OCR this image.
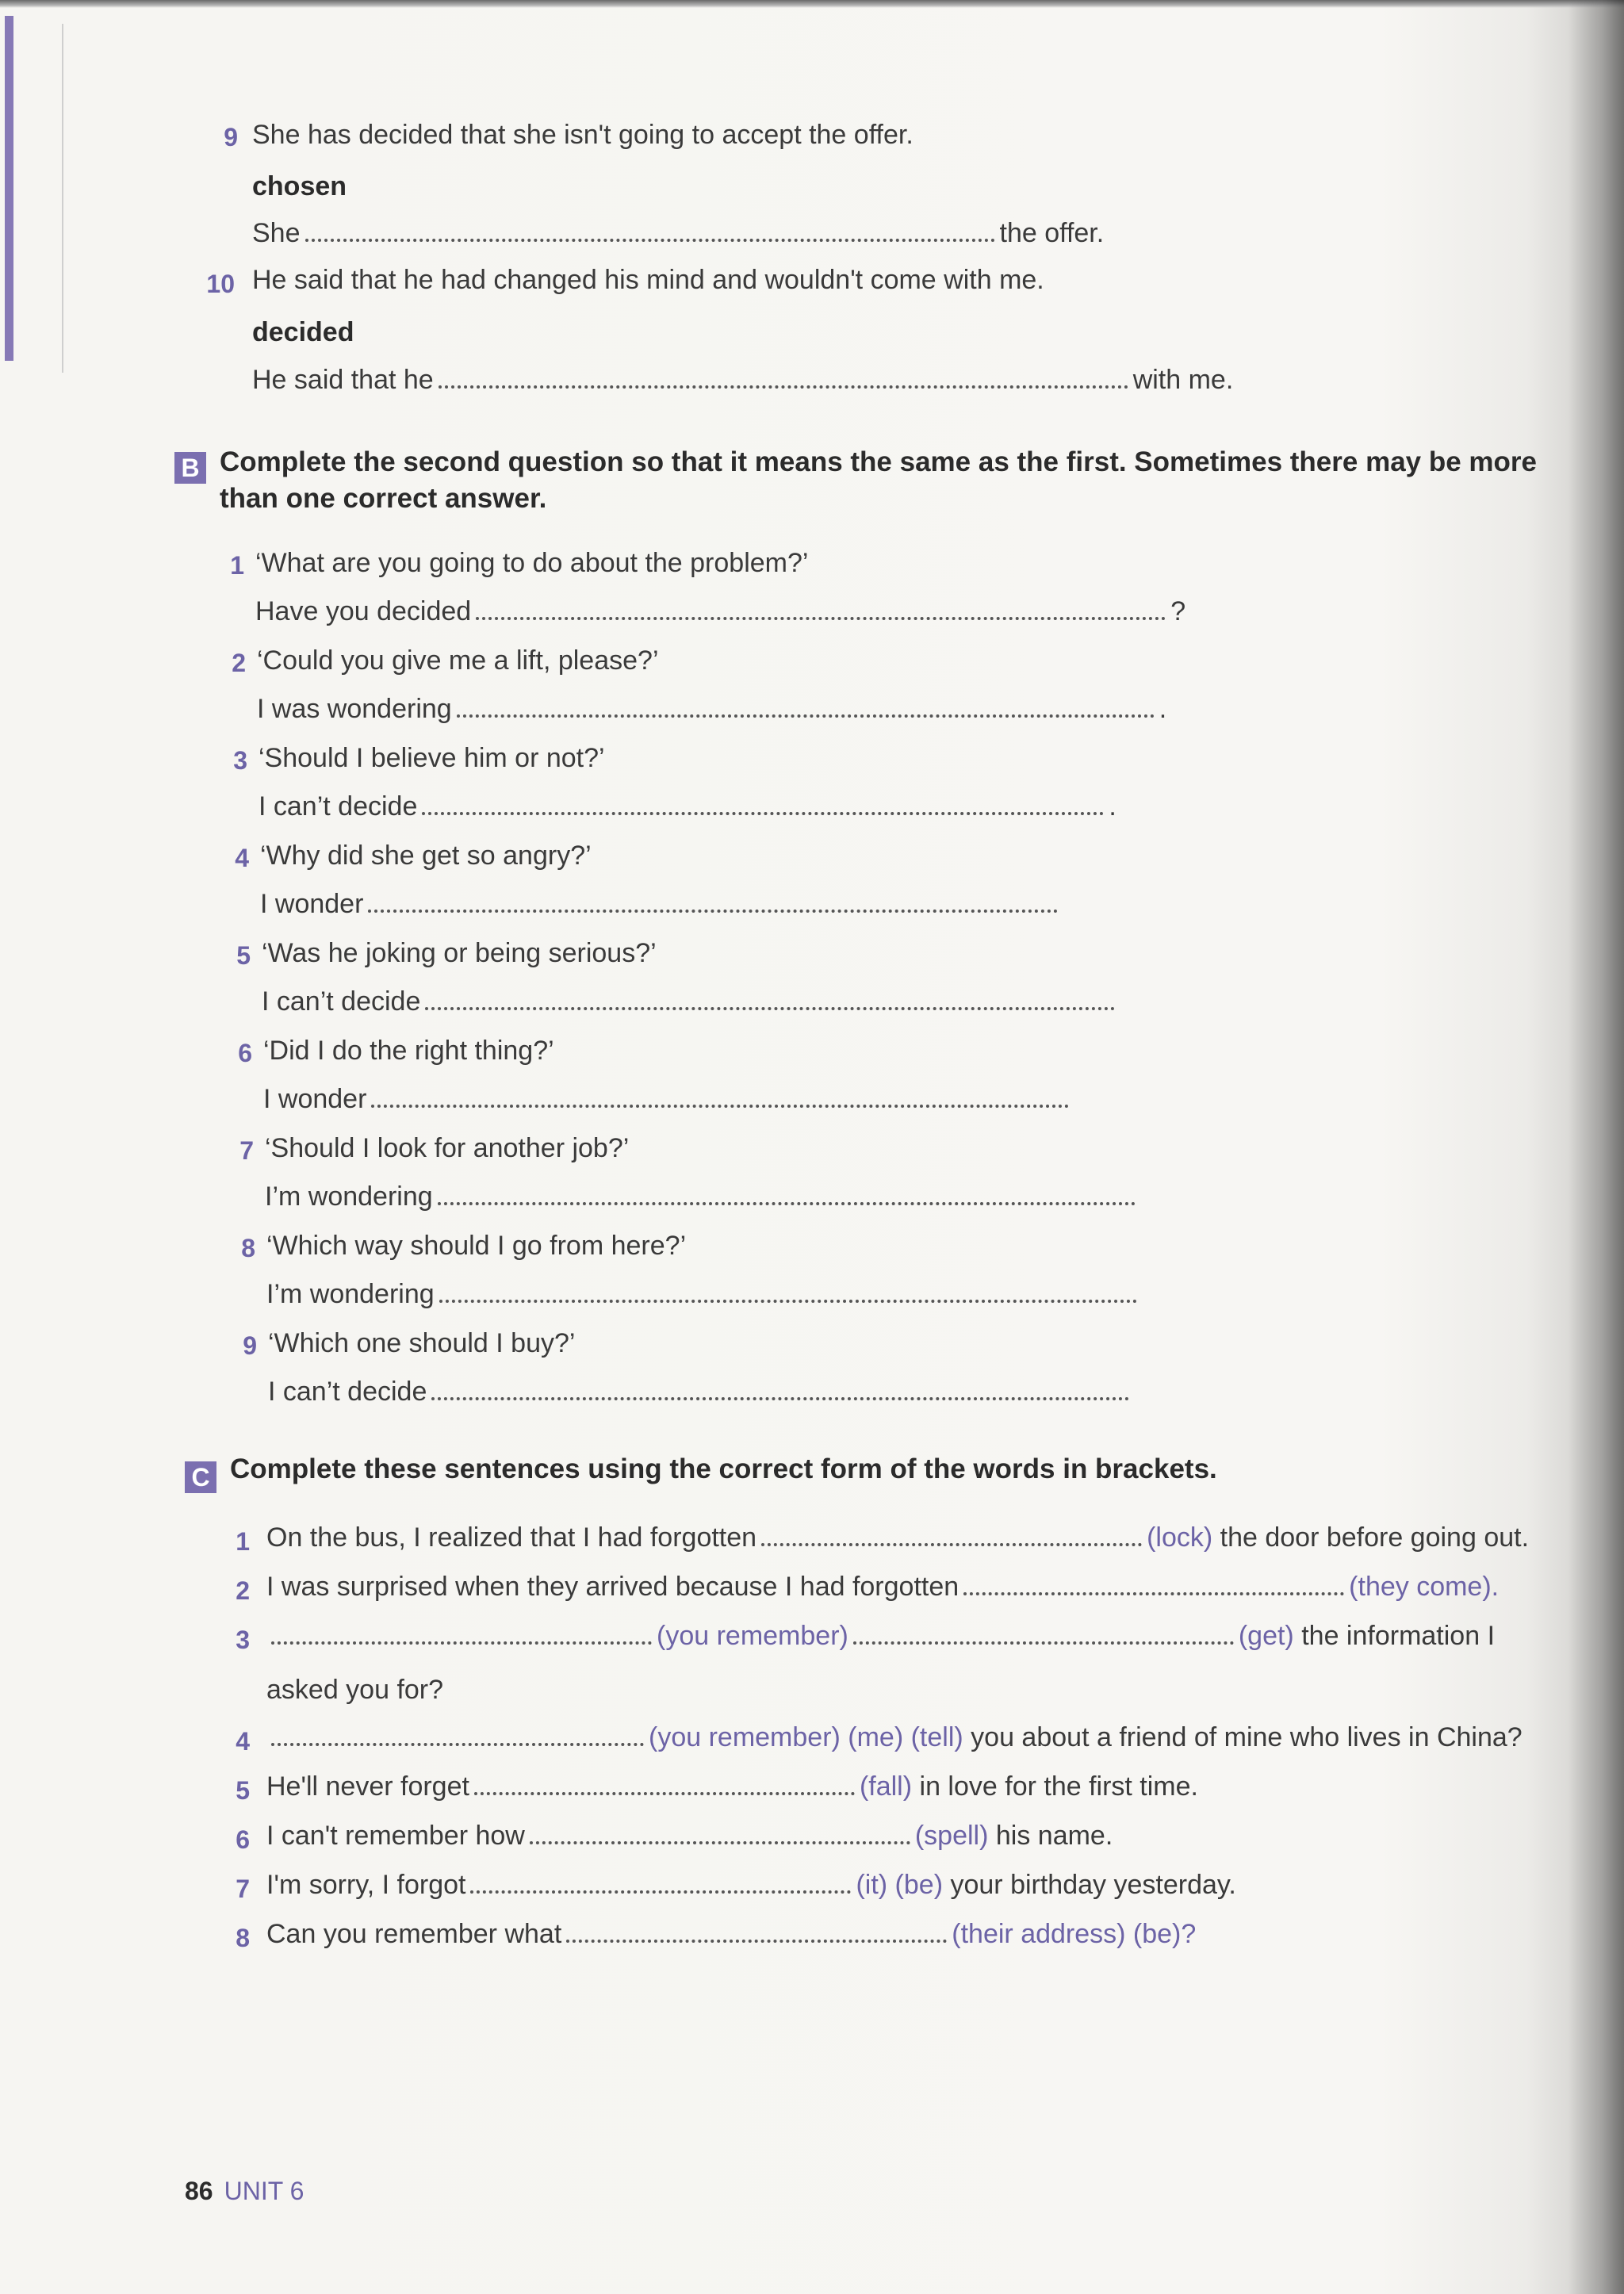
9 She has decided that she isn't going to accept the offer.
chosen
She	the offer.
10 He said that he had changed his mind and wouldn't come with me.
decided
He said that he	with me.
B Complete the second question so that it means the same as the first. Sometimes there may be more
than one correct answer.
1 ‘What are you going to do about the problem?’
Have you decided	?
2 ‘Could you give me a lift, please?’
I was wondering	.
3 ‘Should I believe him or not?’
I can’t decide	.
4 ‘Why did she get so angry?’
I wonder
5 ‘Was he joking or being serious?’
I can’t decide
6 ‘Did I do the right thing?’
I wonder
7 ‘Should I look for another job?’
I’m wondering
8 ‘Which way should I go from here?’
I’m wondering
9 ‘Which one should I buy?’
I can’t decide
C Complete these sentences using the correct form of the words in brackets.
1 On the bus, I realized that I had forgotten	(lock) the door before going out.
2 I was surprised when they arrived because I had forgotten	(they come).
3	(you remember)	(get) the information I
asked you for?
4	(you remember) (me) (tell) you about a friend of mine who lives in China?
5 He'll never forget	(fall) in love for the first time.
6 I can't remember how	(spell) his name.
7 I'm sorry, I forgot	(it) (be) your birthday yesterday.
8 Can you remember what	(their address) (be)?
86 UNIT 6
